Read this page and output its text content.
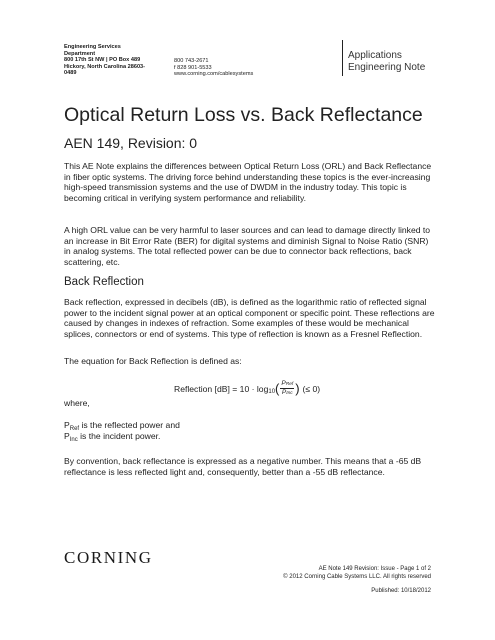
Engineering Services
Department
800 17th St NW | PO Box 489
Hickory, North Carolina 28603-
0489
800 743-2671
f 828 901-5533
www.corning.com/cablesystems
Applications
Engineering Note
Optical Return Loss vs. Back Reflectance
AEN 149, Revision: 0
This AE Note explains the differences between Optical Return Loss (ORL) and Back Reflectance in fiber optic systems. The driving force behind understanding these topics is the ever-increasing high-speed transmission systems and the use of DWDM in the industry today. This topic is becoming critical in verifying system performance and reliability.
A high ORL value can be very harmful to laser sources and can lead to damage directly linked to an increase in Bit Error Rate (BER) for digital systems and diminish Signal to Noise Ratio (SNR) in analog systems. The total reflected power can be due to connector back reflections, back scattering, etc.
Back Reflection
Back reflection, expressed in decibels (dB), is defined as the logarithmic ratio of reflected signal power to the incident signal power at an optical component or specific point. These reflections are caused by changes in indexes of refraction. Some examples of these would be mechanical splices, connectors or end of systems. This type of reflection is known as a Fresnel Reflection.
The equation for Back Reflection is defined as:
Reflection [dB] = 10 · log 10 ( $\frac{\text{PRef}}{\text{PInc}}$ ) (≤ 0)
where,
$P_{Ref}$ is the reflected power and
$P_{Inc}$ is the incident power.
By convention, back reflectance is expressed as a negative number. This means that a -65 dB reflectance is less reflected light and, consequently, better than a -55 dB reflectance.
CORNING
AE Note 149 Revision: Issue - Page 1 of 2
© 2012 Corning Cable Systems LLC. All rights reserved
Published: 10/18/2012
